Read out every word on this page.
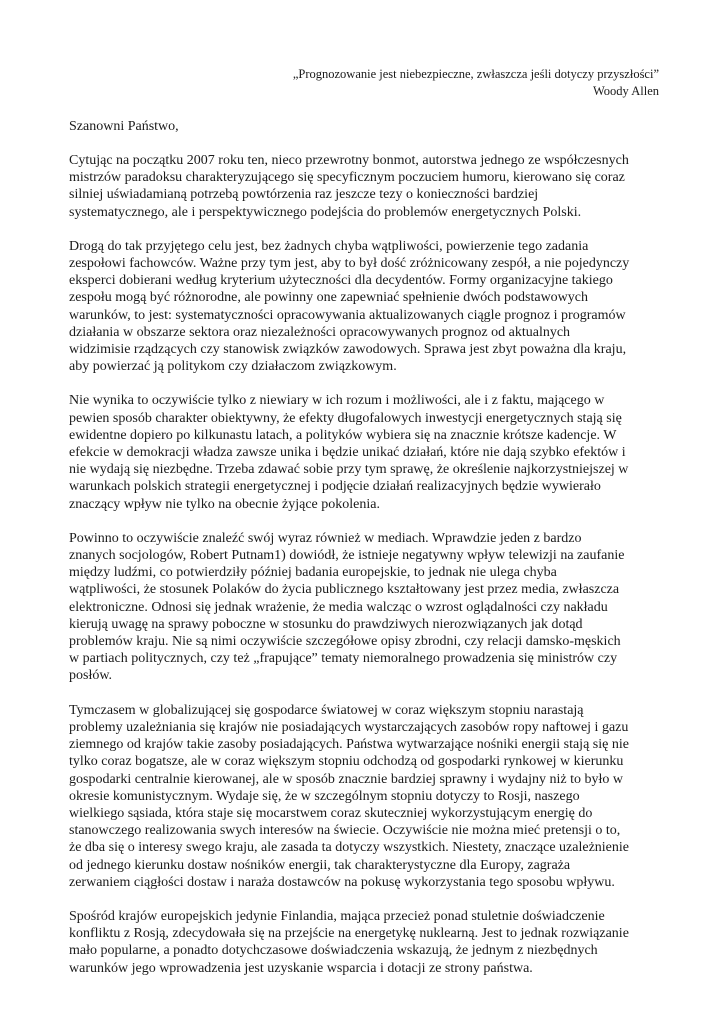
„Prognozowanie jest niebezpieczne, zwłaszcza jeśli dotyczy przyszłości”
Woody Allen
Szanowni Państwo,
Cytując na początku 2007 roku ten, nieco przewrotny bonmot, autorstwa jednego ze współczesnych
mistrzów paradoksu charakteryzującego się specyficznym poczuciem humoru, kierowano się coraz
silniej uświadamianą potrzebą powtórzenia raz jeszcze tezy o konieczności bardziej
systematycznego, ale i perspektywicznego podejścia do problemów energetycznych Polski.
Drogą do tak przyjętego celu jest, bez żadnych chyba wątpliwości, powierzenie tego zadania
zespołowi fachowców. Ważne przy tym jest, aby to był dość zróżnicowany zespół, a nie pojedynczy
eksperci dobierani według kryterium użyteczności dla decydentów. Formy organizacyjne takiego
zespołu mogą być różnorodne, ale powinny one zapewniać spełnienie dwóch podstawowych
warunków, to jest: systematyczności opracowywania aktualizowanych ciągle prognoz i programów
działania w obszarze sektora oraz niezależności opracowywanych prognoz od aktualnych
widzimisie rządzących czy stanowisk związków zawodowych. Sprawa jest zbyt poważna dla kraju,
aby powierzać ją politykom czy działaczom związkowym.
Nie wynika to oczywiście tylko z niewiary w ich rozum i możliwości, ale i z faktu, mającego w
pewien sposób charakter obiektywny, że efekty długofalowych inwestycji energetycznych stają się
ewidentne dopiero po kilkunastu latach, a polityków wybiera się na znacznie krótsze kadencje. W
efekcie w demokracji władza zawsze unika i będzie unikać działań, które nie dają szybko efektów i
nie wydają się niezbędne. Trzeba zdawać sobie przy tym sprawę, że określenie najkorzystniejszej w
warunkach polskich strategii energetycznej i podjęcie działań realizacyjnych będzie wywierało
znaczący wpływ nie tylko na obecnie żyjące pokolenia.
Powinno to oczywiście znaleźć swój wyraz również w mediach. Wprawdzie jeden z bardzo
znanych socjologów, Robert Putnam1) dowiódł, że istnieje negatywny wpływ telewizji na zaufanie
między ludźmi, co potwierdziły później badania europejskie, to jednak nie ulega chyba
wątpliwości, że stosunek Polaków do życia publicznego kształtowany jest przez media, zwłaszcza
elektroniczne. Odnosi się jednak wrażenie, że media walcząc o wzrost oglądalności czy nakładu
kierują uwagę na sprawy poboczne w stosunku do prawdziwych nierozwiązanych jak dotąd
problemów kraju. Nie są nimi oczywiście szczegółowe opisy zbrodni, czy relacji damsko-męskich
w partiach politycznych, czy też „frapujące” tematy niemoralnego prowadzenia się ministrów czy
posłów.
Tymczasem w globalizującej się gospodarce światowej w coraz większym stopniu narastają
problemy uzależniania się krajów nie posiadających wystarczających zasobów ropy naftowej i gazu
ziemnego od krajów takie zasoby posiadających. Państwa wytwarzające nośniki energii stają się nie
tylko coraz bogatsze, ale w coraz większym stopniu odchodzą od gospodarki rynkowej w kierunku
gospodarki centralnie kierowanej, ale w sposób znacznie bardziej sprawny i wydajny niż to było w
okresie komunistycznym. Wydaje się, że w szczególnym stopniu dotyczy to Rosji, naszego
wielkiego sąsiada, która staje się mocarstwem coraz skuteczniej wykorzystującym energię do
stanowczego realizowania swych interesów na świecie. Oczywiście nie można mieć pretensji o to,
że dba się o interesy swego kraju, ale zasada ta dotyczy wszystkich. Niestety, znaczące uzależnienie
od jednego kierunku dostaw nośników energii, tak charakterystyczne dla Europy, zagraża
zerwaniem ciągłości dostaw i naraża dostawców na pokusę wykorzystania tego sposobu wpływu.
Spośród krajów europejskich jedynie Finlandia, mająca przecież ponad stuletnie doświadczenie
konfliktu z Rosją, zdecydowała się na przejście na energetykę nuklearną. Jest to jednak rozwiązanie
mało popularne, a ponadto dotychczasowe doświadczenia wskazują, że jednym z niezbędnych
warunków jego wprowadzenia jest uzyskanie wsparcia i dotacji ze strony państwa.
